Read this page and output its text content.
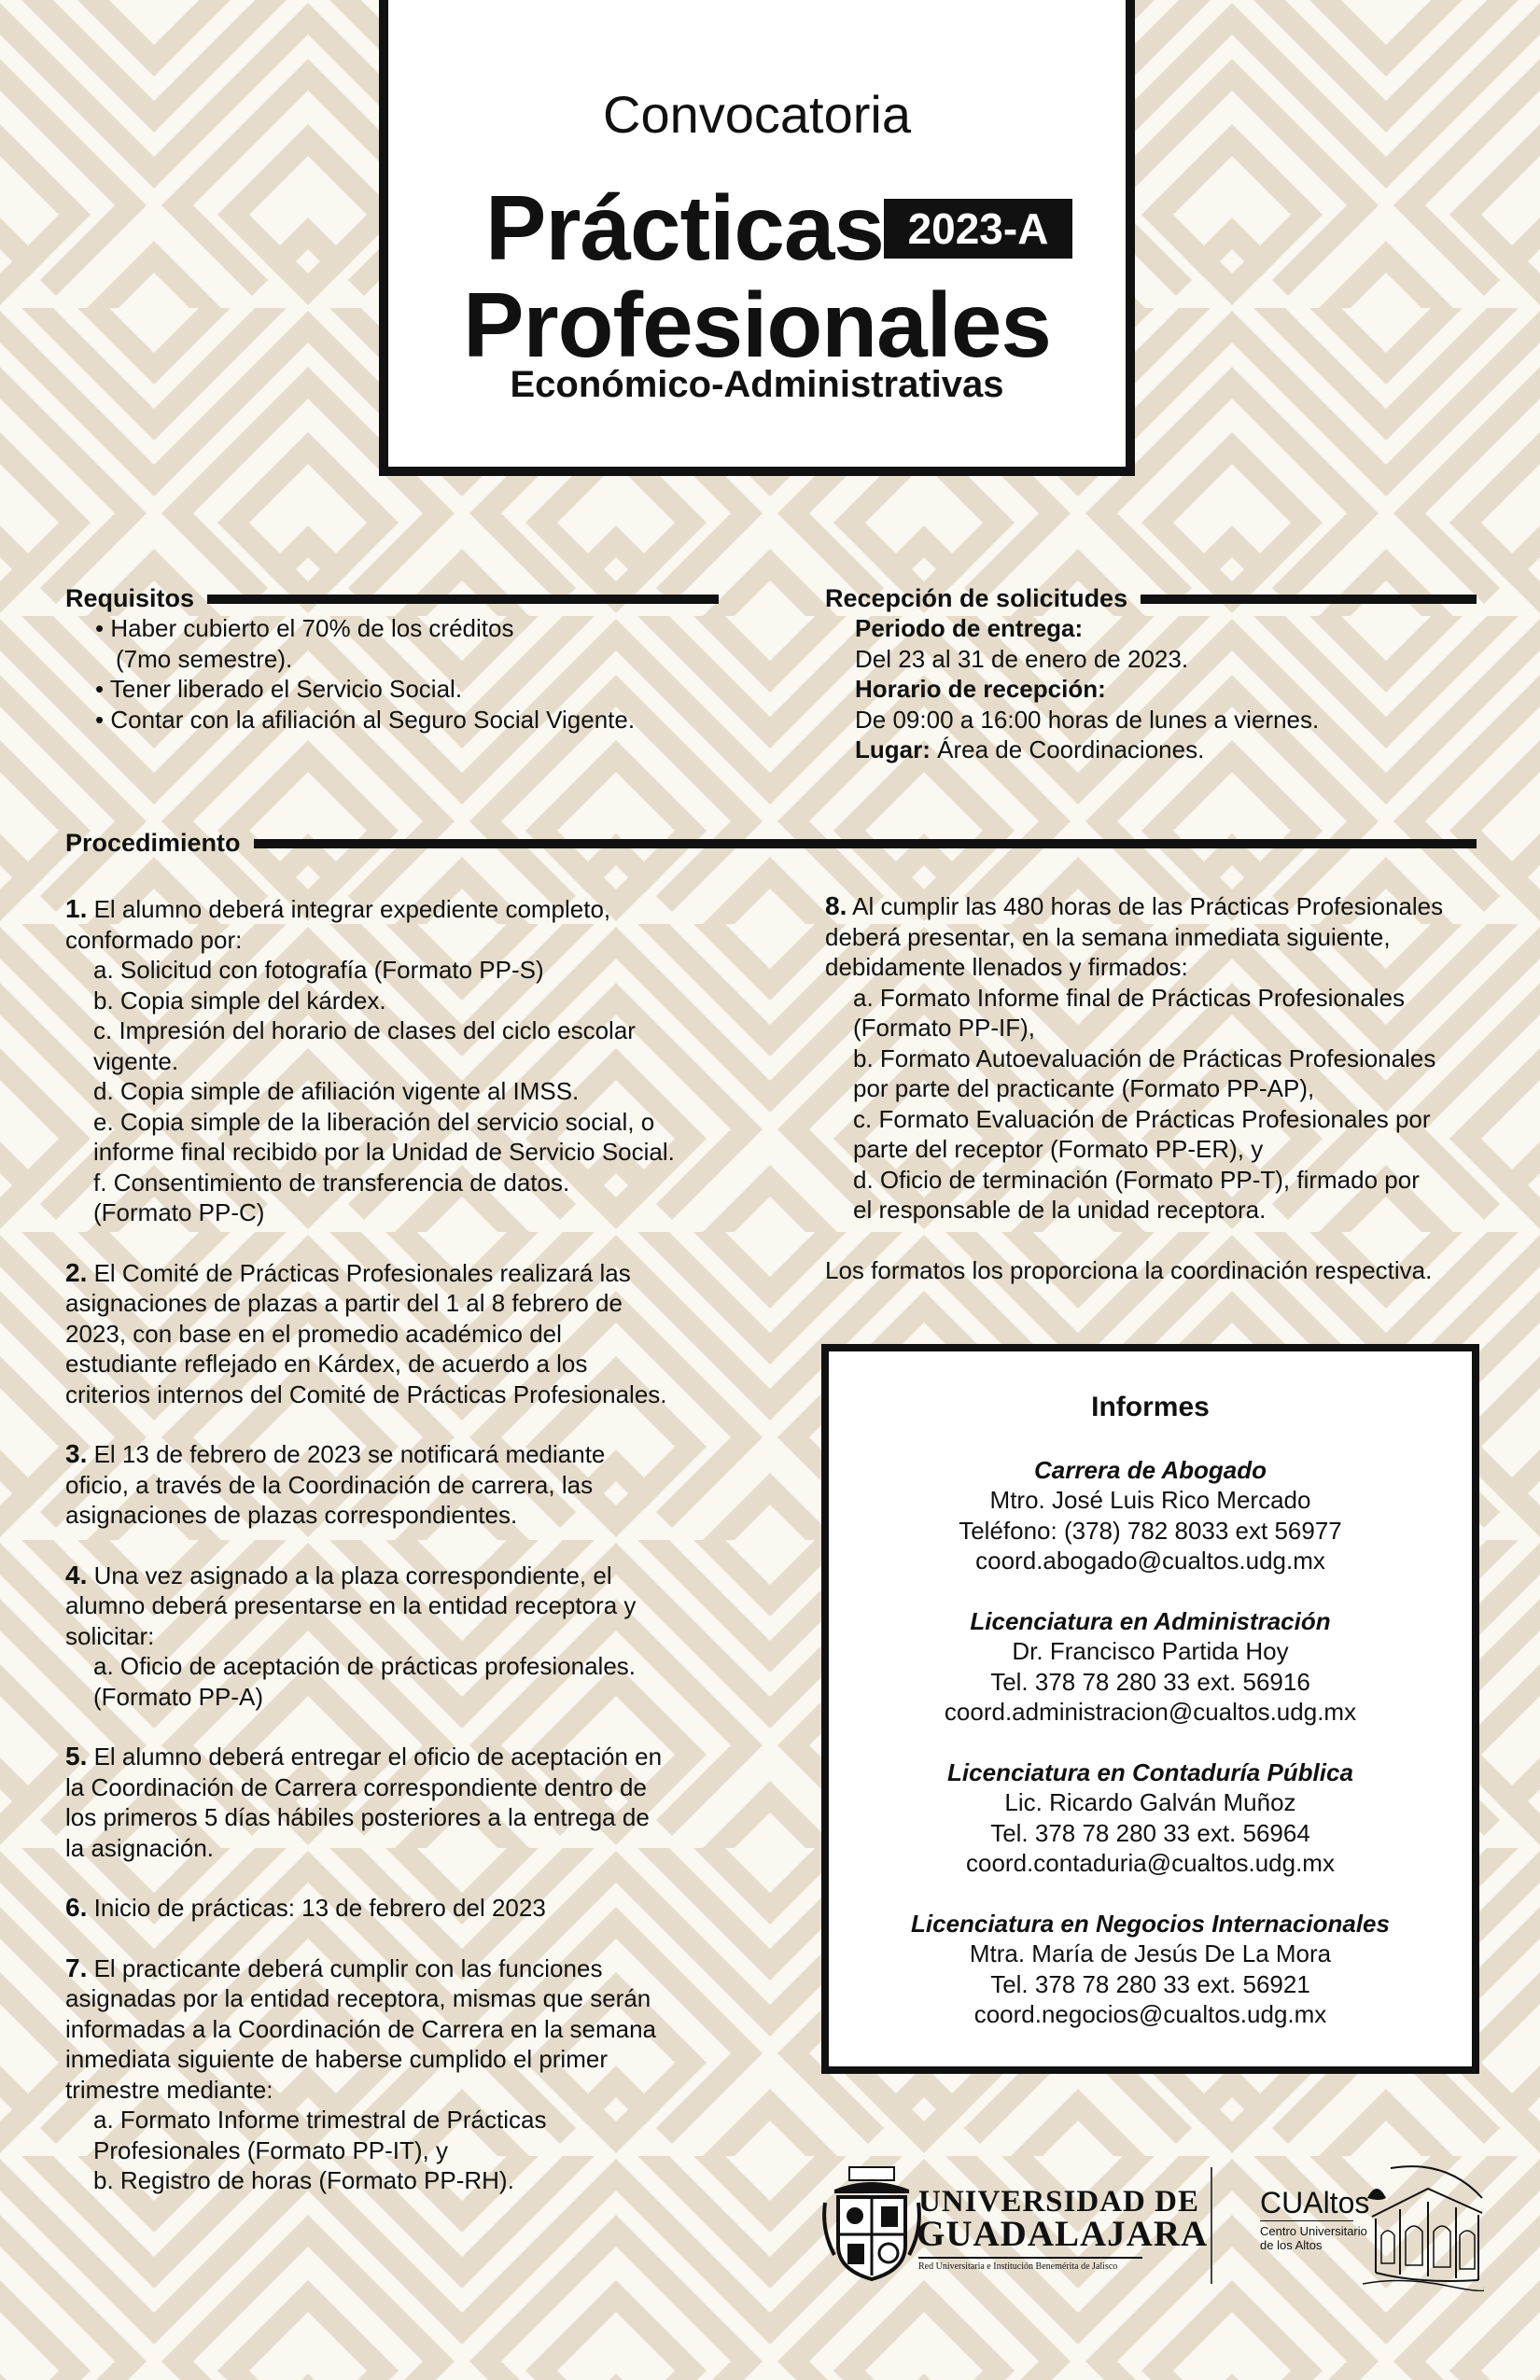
Convocatoria
Prácticas 2023-A
Profesionales
Económico-Administrativas
Requisitos
• Haber cubierto el 70% de los créditos
(7mo semestre).
• Tener liberado el Servicio Social.
• Contar con la afiliación al Seguro Social Vigente.
Recepción de solicitudes
Periodo de entrega:
Del 23 al 31 de enero de 2023.
Horario de recepción:
De 09:00 a 16:00 horas de lunes a viernes.
Lugar: Área de Coordinaciones.
Procedimiento
1. El alumno deberá integrar expediente completo,
conformado por:
a. Solicitud con fotografía (Formato PP-S)
b. Copia simple del kárdex.
c. Impresión del horario de clases del ciclo escolar
vigente.
d. Copia simple de afiliación vigente al IMSS.
e. Copia simple de la liberación del servicio social, o
informe final recibido por la Unidad de Servicio Social.
f. Consentimiento de transferencia de datos.
(Formato PP-C)
2. El Comité de Prácticas Profesionales realizará las
asignaciones de plazas a partir del 1 al 8 febrero de
2023, con base en el promedio académico del
estudiante reflejado en Kárdex, de acuerdo a los
criterios internos del Comité de Prácticas Profesionales.
3. El 13 de febrero de 2023 se notificará mediante
oficio, a través de la Coordinación de carrera, las
asignaciones de plazas correspondientes.
4. Una vez asignado a la plaza correspondiente, el
alumno deberá presentarse en la entidad receptora y
solicitar:
a. Oficio de aceptación de prácticas profesionales.
(Formato PP-A)
5. El alumno deberá entregar el oficio de aceptación en
la Coordinación de Carrera correspondiente dentro de
los primeros 5 días hábiles posteriores a la entrega de
la asignación.
6. Inicio de prácticas: 13 de febrero del 2023
7. El practicante deberá cumplir con las funciones
asignadas por la entidad receptora, mismas que serán
informadas a la Coordinación de Carrera en la semana
inmediata siguiente de haberse cumplido el primer
trimestre mediante:
a. Formato Informe trimestral de Prácticas
Profesionales (Formato PP-IT), y
b. Registro de horas (Formato PP-RH).
8. Al cumplir las 480 horas de las Prácticas Profesionales
deberá presentar, en la semana inmediata siguiente,
debidamente llenados y firmados:
a. Formato Informe final de Prácticas Profesionales
(Formato PP-IF),
b. Formato Autoevaluación de Prácticas Profesionales
por parte del practicante (Formato PP-AP),
c. Formato Evaluación de Prácticas Profesionales por
parte del receptor (Formato PP-ER), y
d. Oficio de terminación (Formato PP-T), firmado por
el responsable de la unidad receptora.
Los formatos los proporciona la coordinación respectiva.
Informes
Carrera de Abogado
Mtro. José Luis Rico Mercado
Teléfono: (378) 782 8033 ext 56977
coord.abogado@cualtos.udg.mx
Licenciatura en Administración
Dr. Francisco Partida Hoy
Tel. 378 78 280 33 ext. 56916
coord.administracion@cualtos.udg.mx
Licenciatura en Contaduría Pública
Lic. Ricardo Galván Muñoz
Tel. 378 78 280 33 ext. 56964
coord.contaduria@cualtos.udg.mx
Licenciatura en Negocios Internacionales
Mtra. María de Jesús De La Mora
Tel. 378 78 280 33 ext. 56921
coord.negocios@cualtos.udg.mx
UNIVERSIDAD DE
GUADALAJARA
Red Universitaria e Institución Benemérita de Jalisco
CUAltos
Centro Universitario
de los Altos
